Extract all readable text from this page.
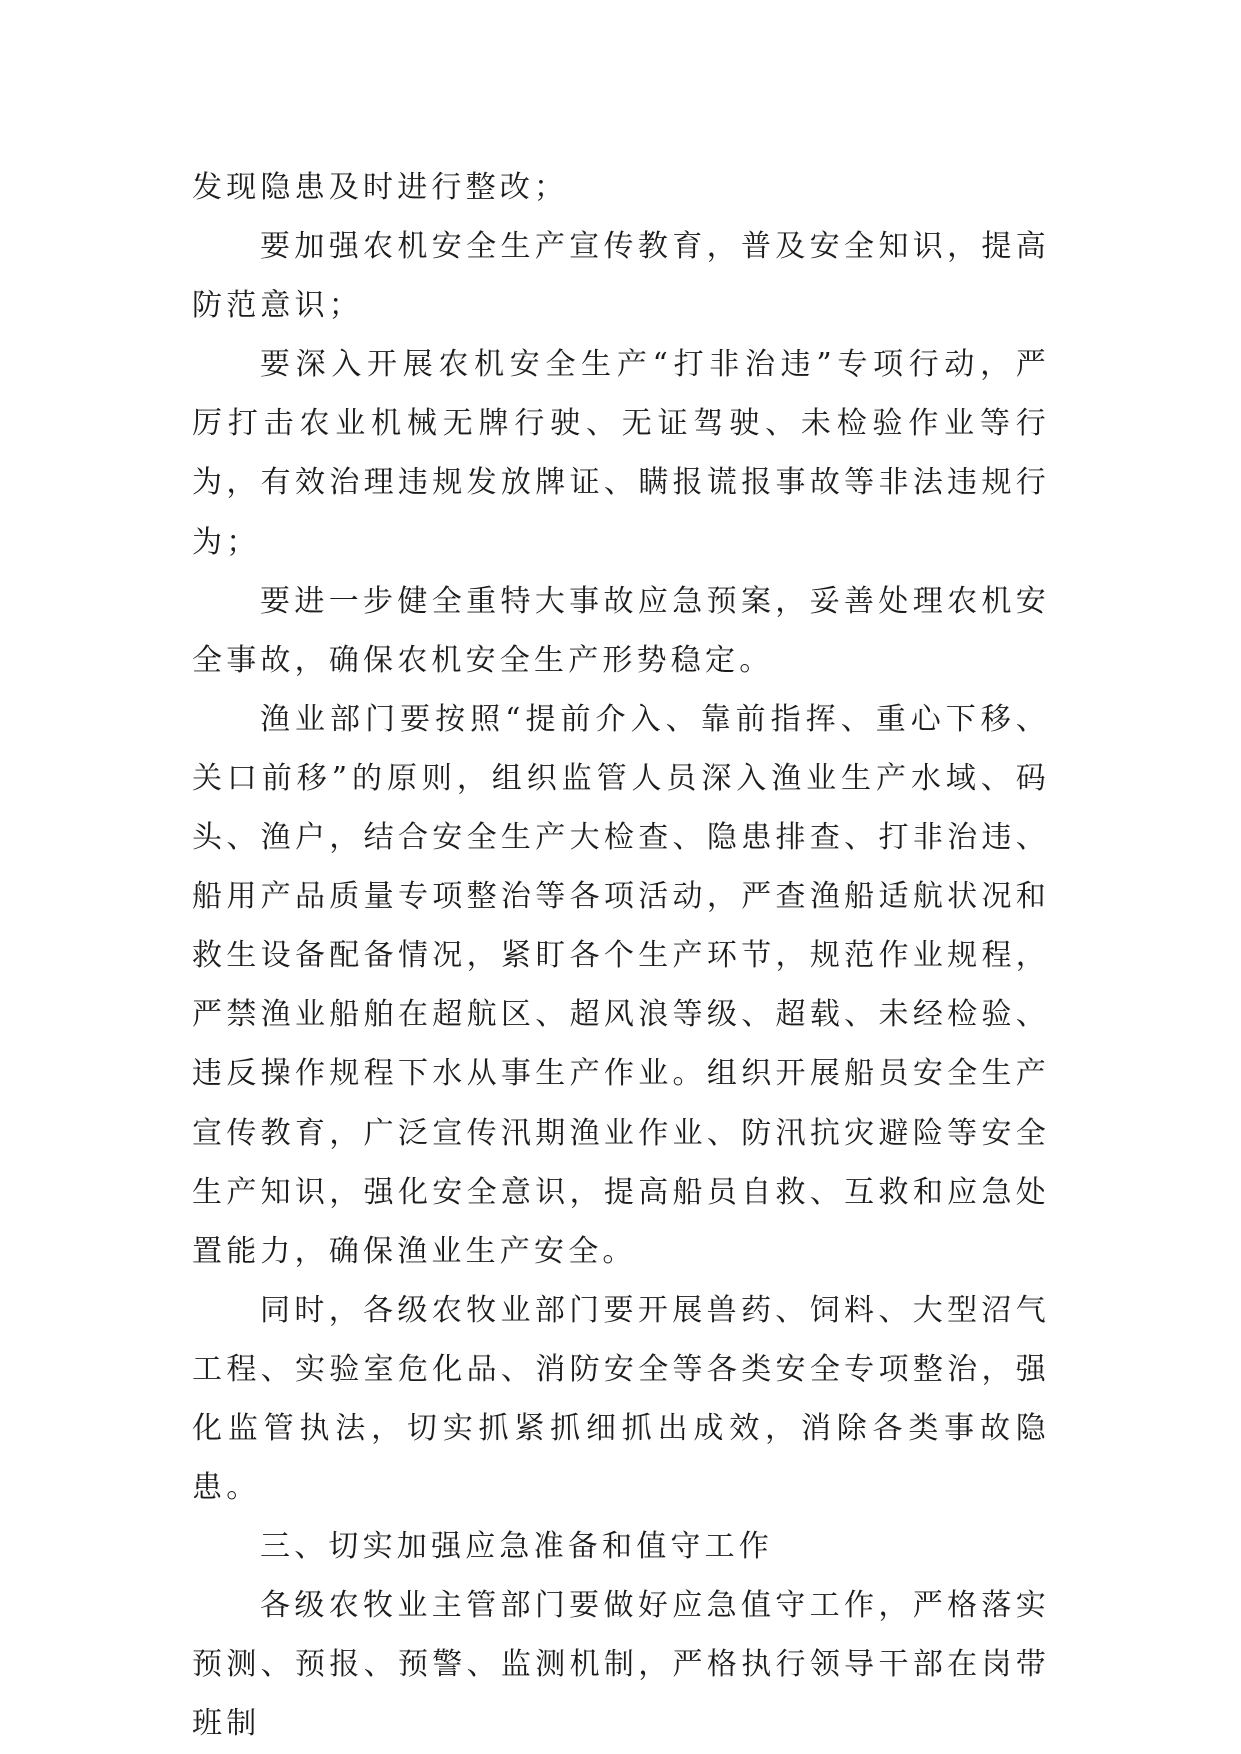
发现隐患及时进行整改；

要加强农机安全生产宣传教育，普及安全知识，提高防范意识；

要深入开展农机安全生产“打非治违”专项行动，严厉打击农业机械无牌行驶、无证驾驶、未检验作业等行为，有效治理违规发放牌证、瞒报谎报事故等非法违规行为；

要进一步健全重特大事故应急预案，妥善处理农机安全事故，确保农机安全生产形势稳定。

渔业部门要按照“提前介入、靠前指挥、重心下移、关口前移”的原则，组织监管人员深入渔业生产水域、码头、渔户，结合安全生产大检查、隐患排查、打非治违、船用产品质量专项整治等各项活动，严查渔船适航状况和救生设备配备情况，紧盯各个生产环节，规范作业规程，严禁渔业船舶在超航区、超风浪等级、超载、未经检验、违反操作规程下水从事生产作业。组织开展船员安全生产宣传教育，广泛宣传汛期渔业作业、防汛抗灾避险等安全生产知识，强化安全意识，提高船员自救、互救和应急处置能力，确保渔业生产安全。

同时，各级农牧业部门要开展兽药、饲料、大型沼气工程、实验室危化品、消防安全等各类安全专项整治，强化监管执法，切实抓紧抓细抓出成效，消除各类事故隐患。

三、切实加强应急准备和值守工作

各级农牧业主管部门要做好应急值守工作，严格落实预测、预报、预警、监测机制，严格执行领导干部在岗带班制
